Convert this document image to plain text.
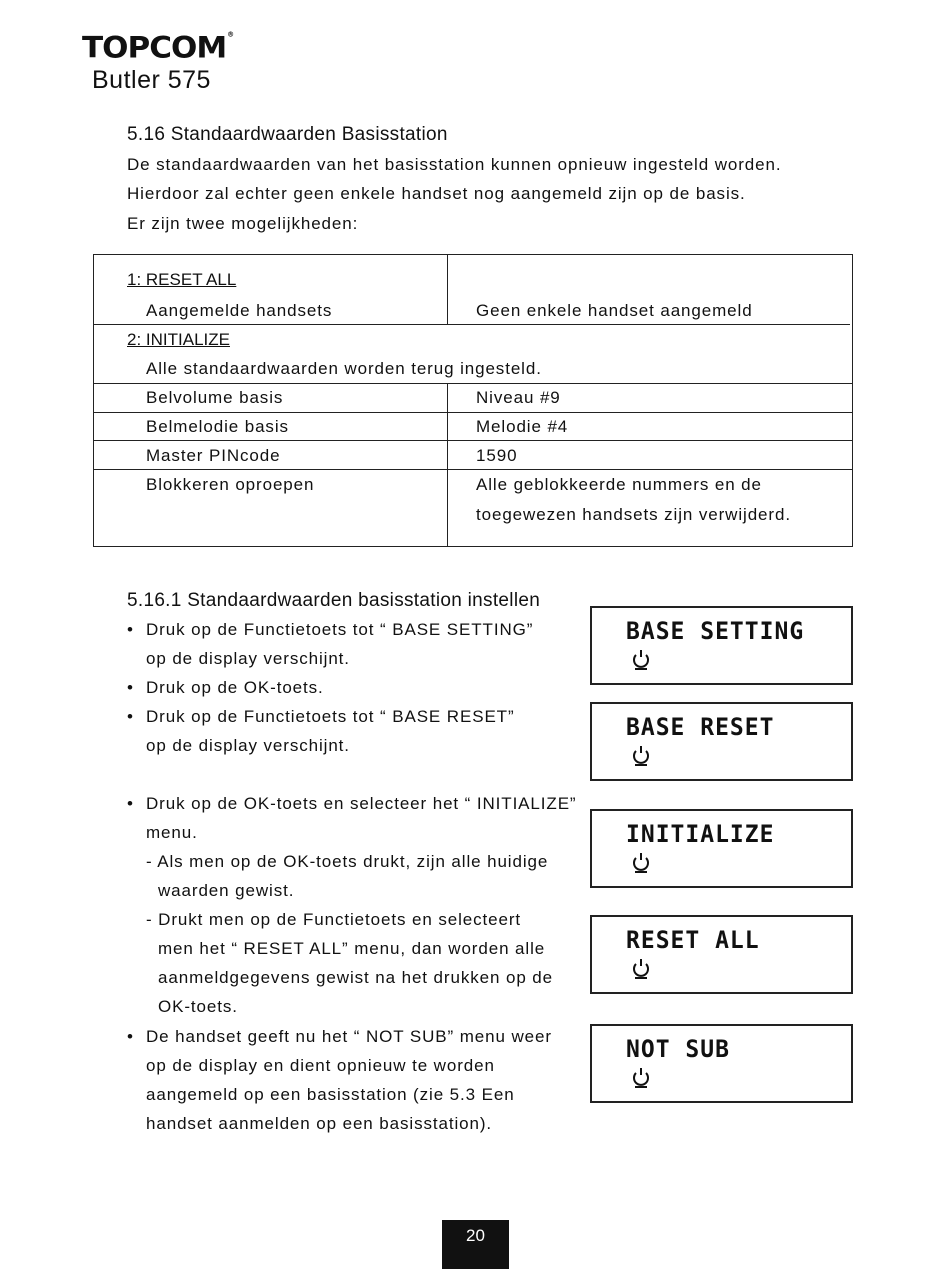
TOPCOM®
Butler 575
5.16 Standaardwaarden Basisstation
De standaardwaarden van het basisstation kunnen opnieuw ingesteld worden.
Hierdoor zal echter geen enkele handset nog aangemeld zijn op de basis.
Er zijn twee mogelijkheden:
1: RESET ALL
Aangemelde handsets	Geen enkele handset aangemeld
2: INITIALIZE
Alle standaardwaarden worden terug ingesteld.
Belvolume basis	Niveau #9
Belmelodie basis	Melodie #4
Master PINcode	1590
Blokkeren oproepen	Alle geblokkeerde nummers en de
toegewezen handsets zijn verwijderd.
5.16.1 Standaardwaarden basisstation instellen
• Druk op de Functietoets tot “ BASE SETTING”
op de display verschijnt.
• Druk op de OK-toets.
• Druk op de Functietoets tot “ BASE RESET”
op de display verschijnt.
• Druk op de OK-toets en selecteer het “ INITIALIZE”
menu.
- Als men op de OK-toets drukt, zijn alle huidige
waarden gewist.
- Drukt men op de Functietoets en selecteert
men het “ RESET ALL” menu, dan worden alle
aanmeldgegevens gewist na het drukken op de
OK-toets.
• De handset geeft nu het “ NOT SUB” menu weer
op de display en dient opnieuw te worden
aangemeld op een basisstation (zie 5.3 Een
handset aanmelden op een basisstation).
BASE SETTING
BASE RESET
INITIALIZE
RESET ALL
NOT SUB
20
